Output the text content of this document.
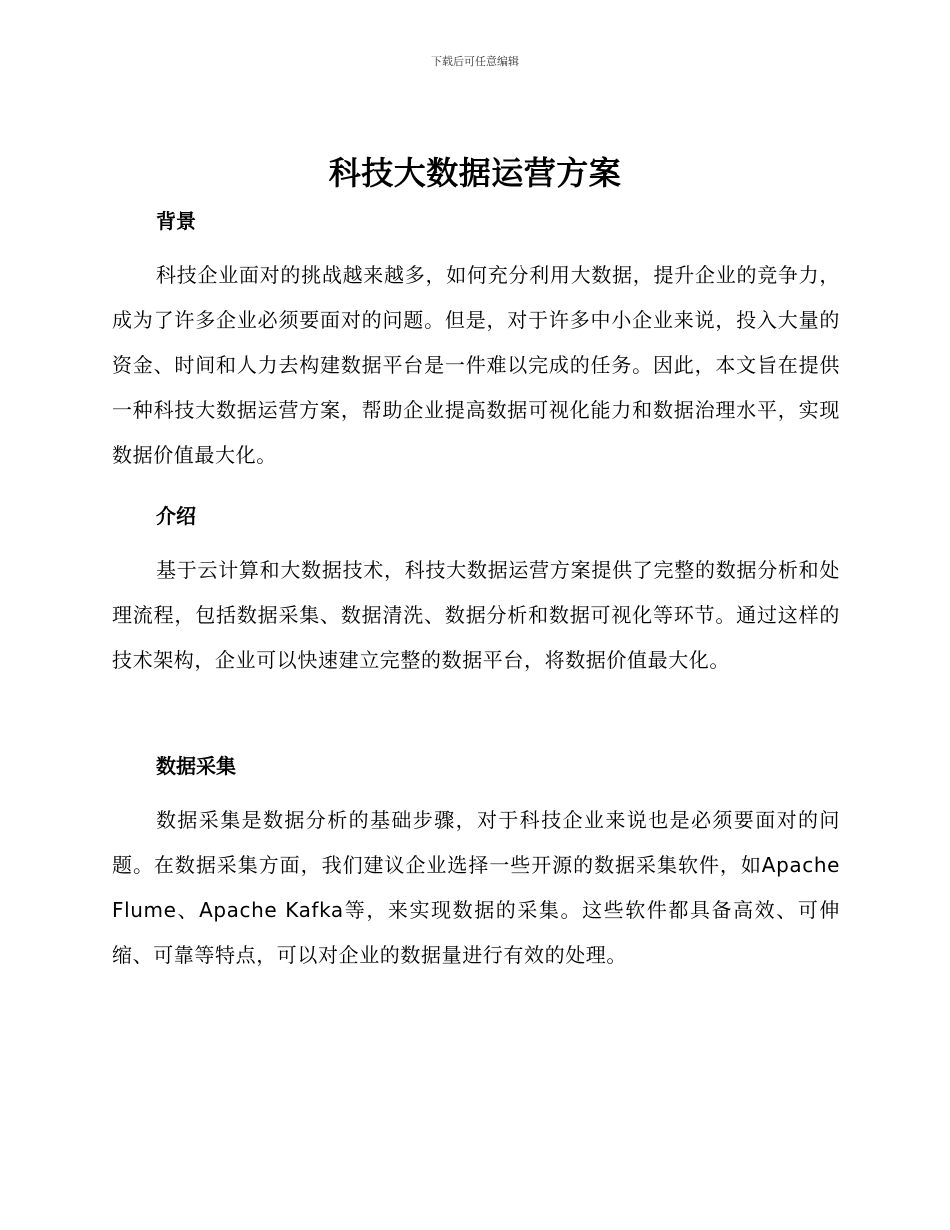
下载后可任意编辑
科技大数据运营方案
背景

科技企业面对的挑战越来越多，如何充分利用大数据，提升企业的竞争力，成为了许多企业必须要面对的问题。但是，对于许多中小企业来说，投入大量的资金、时间和人力去构建数据平台是一件难以完成的任务。因此，本文旨在提供一种科技大数据运营方案，帮助企业提高数据可视化能力和数据治理水平，实现数据价值最大化。

介绍

基于云计算和大数据技术，科技大数据运营方案提供了完整的数据分析和处理流程，包括数据采集、数据清洗、数据分析和数据可视化等环节。通过这样的技术架构，企业可以快速建立完整的数据平台，将数据价值最大化。

数据采集

数据采集是数据分析的基础步骤，对于科技企业来说也是必须要面对的问题。在数据采集方面，我们建议企业选择一些开源的数据采集软件，如Apache Flume、Apache Kafka等，来实现数据的采集。这些软件都具备高效、可伸缩、可靠等特点，可以对企业的数据量进行有效的处理。
